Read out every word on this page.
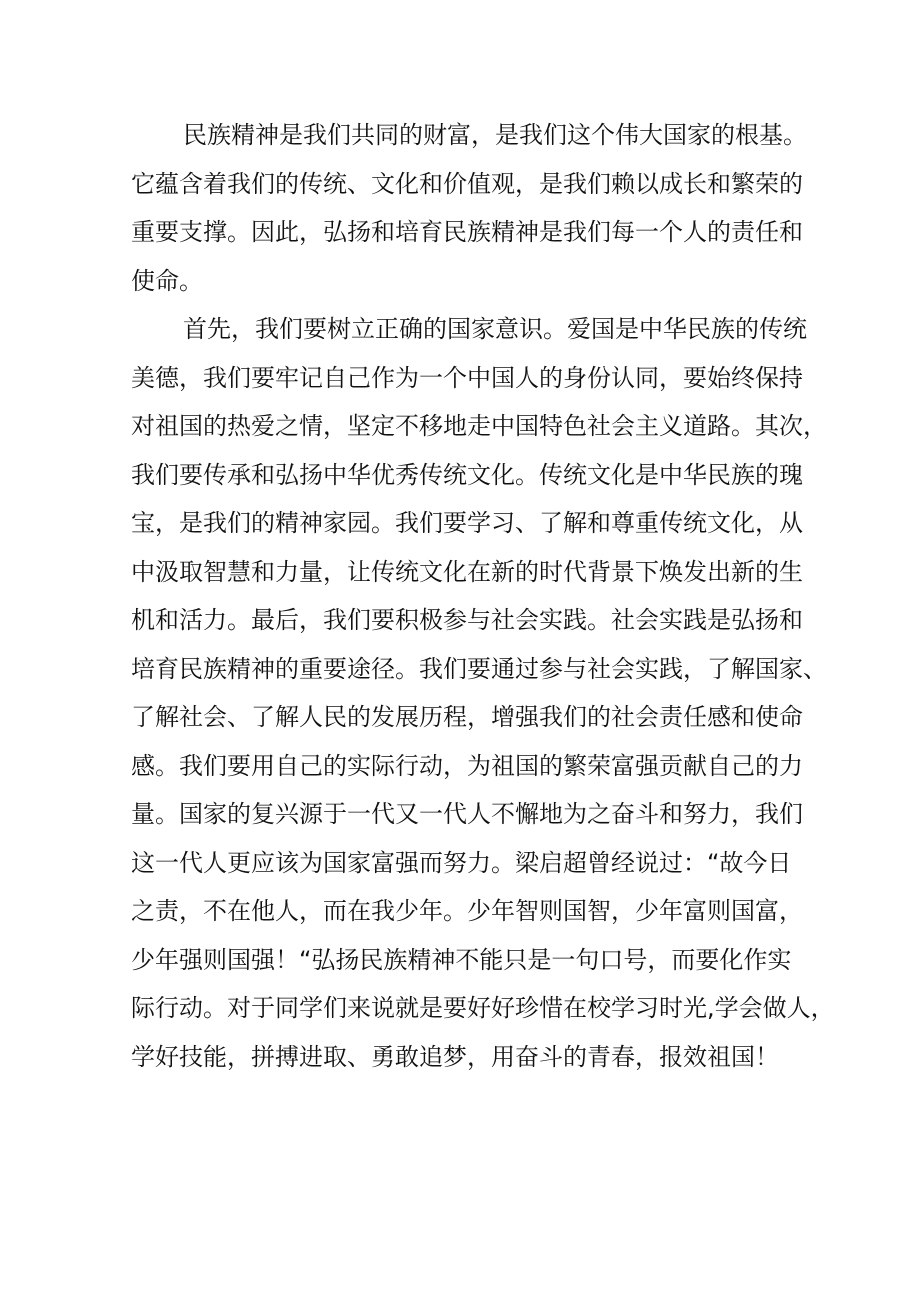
民族精神是我们共同的财富，是我们这个伟大国家的根基。
它蕴含着我们的传统、文化和价值观，是我们赖以成长和繁荣的
重要支撑。因此，弘扬和培育民族精神是我们每一个人的责任和
使命。

首先，我们要树立正确的国家意识。爱国是中华民族的传统
美德，我们要牢记自己作为一个中国人的身份认同，要始终保持
对祖国的热爱之情，坚定不移地走中国特色社会主义道路。其次，
我们要传承和弘扬中华优秀传统文化。传统文化是中华民族的瑰
宝，是我们的精神家园。我们要学习、了解和尊重传统文化，从
中汲取智慧和力量，让传统文化在新的时代背景下焕发出新的生
机和活力。最后，我们要积极参与社会实践。社会实践是弘扬和
培育民族精神的重要途径。我们要通过参与社会实践，了解国家、
了解社会、了解人民的发展历程，增强我们的社会责任感和使命
感。我们要用自己的实际行动，为祖国的繁荣富强贡献自己的力
量。国家的复兴源于一代又一代人不懈地为之奋斗和努力，我们
这一代人更应该为国家富强而努力。梁启超曾经说过：“故今日
之责，不在他人，而在我少年。少年智则国智，少年富则国富，
少年强则国强！“弘扬民族精神不能只是一句口号，而要化作实
际行动。对于同学们来说就是要好好珍惜在校学习时光,学会做人，
学好技能，拼搏进取、勇敢追梦，用奋斗的青春，报效祖国！
